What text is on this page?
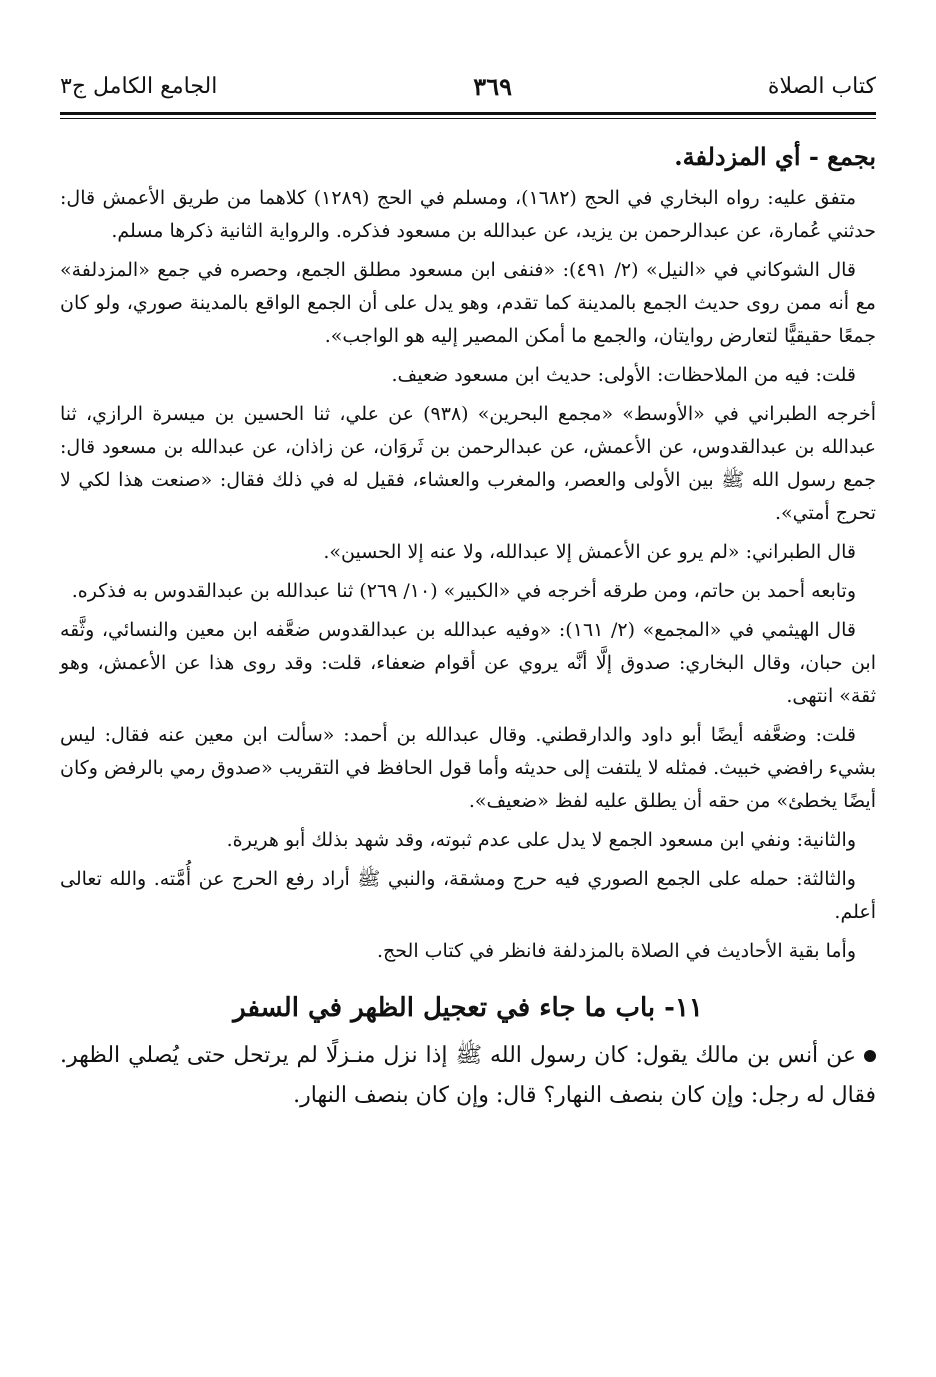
كتاب الصلاة
٣٦٩
الجامع الكامل ج٣

بجمع - أي المزدلفة.

متفق عليه: رواه البخاري في الحج (١٦٨٢)، ومسلم في الحج (١٢٨٩) كلاهما من طريق الأعمش قال: حدثني عُمارة، عن عبدالرحمن بن يزيد، عن عبدالله بن مسعود فذكره. والرواية الثانية ذكرها مسلم.

قال الشوكاني في «النيل» (٢/ ٤٩١): «فنفى ابن مسعود مطلق الجمع، وحصره في جمع «المزدلفة» مع أنه ممن روى حديث الجمع بالمدينة كما تقدم، وهو يدل على أن الجمع الواقع بالمدينة صوري، ولو كان جمعًا حقيقيًّا لتعارض روايتان، والجمع ما أمكن المصير إليه هو الواجب».

قلت: فيه من الملاحظات: الأولى: حديث ابن مسعود ضعيف.

أخرجه الطبراني في «الأوسط» «مجمع البحرين» (٩٣٨) عن علي، ثنا الحسين بن ميسرة الرازي، ثنا عبدالله بن عبدالقدوس، عن الأعمش، عن عبدالرحمن بن ثَروَان، عن زاذان، عن عبدالله بن مسعود قال: جمع رسول الله ﷺ بين الأولى والعصر، والمغرب والعشاء، فقيل له في ذلك فقال: «صنعت هذا لكي لا تحرج أمتي».

قال الطبراني: «لم يرو عن الأعمش إلا عبدالله، ولا عنه إلا الحسين».

وتابعه أحمد بن حاتم، ومن طرقه أخرجه في «الكبير» (١٠/ ٢٦٩) ثنا عبدالله بن عبدالقدوس به فذكره.

قال الهيثمي في «المجمع» (٢/ ١٦١): «وفيه عبدالله بن عبدالقدوس ضعَّفه ابن معين والنسائي، وثَّقه ابن حبان، وقال البخاري: صدوق إلَّا أنَّه يروي عن أقوام ضعفاء، قلت: وقد روى هذا عن الأعمش، وهو ثقة» انتهى.

قلت: وضعَّفه أيضًا أبو داود والدارقطني. وقال عبدالله بن أحمد: «سألت ابن معين عنه فقال: ليس بشيء رافضي خبيث. فمثله لا يلتفت إلى حديثه وأما قول الحافظ في التقريب «صدوق رمي بالرفض وكان أيضًا يخطئ» من حقه أن يطلق عليه لفظ «ضعيف».

والثانية: ونفي ابن مسعود الجمع لا يدل على عدم ثبوته، وقد شهد بذلك أبو هريرة.

والثالثة: حمله على الجمع الصوري فيه حرج ومشقة، والنبي ﷺ أراد رفع الحرج عن أُمَّته. والله تعالى أعلم.

وأما بقية الأحاديث في الصلاة بالمزدلفة فانظر في كتاب الحج.

١١- باب ما جاء في تعجيل الظهر في السفر

عن أنس بن مالك يقول: كان رسول الله ﷺ إذا نزل منـزلًا لم يرتحل حتى يُصلي الظهر. فقال له رجل: وإن كان بنصف النهار؟ قال: وإن كان بنصف النهار.
